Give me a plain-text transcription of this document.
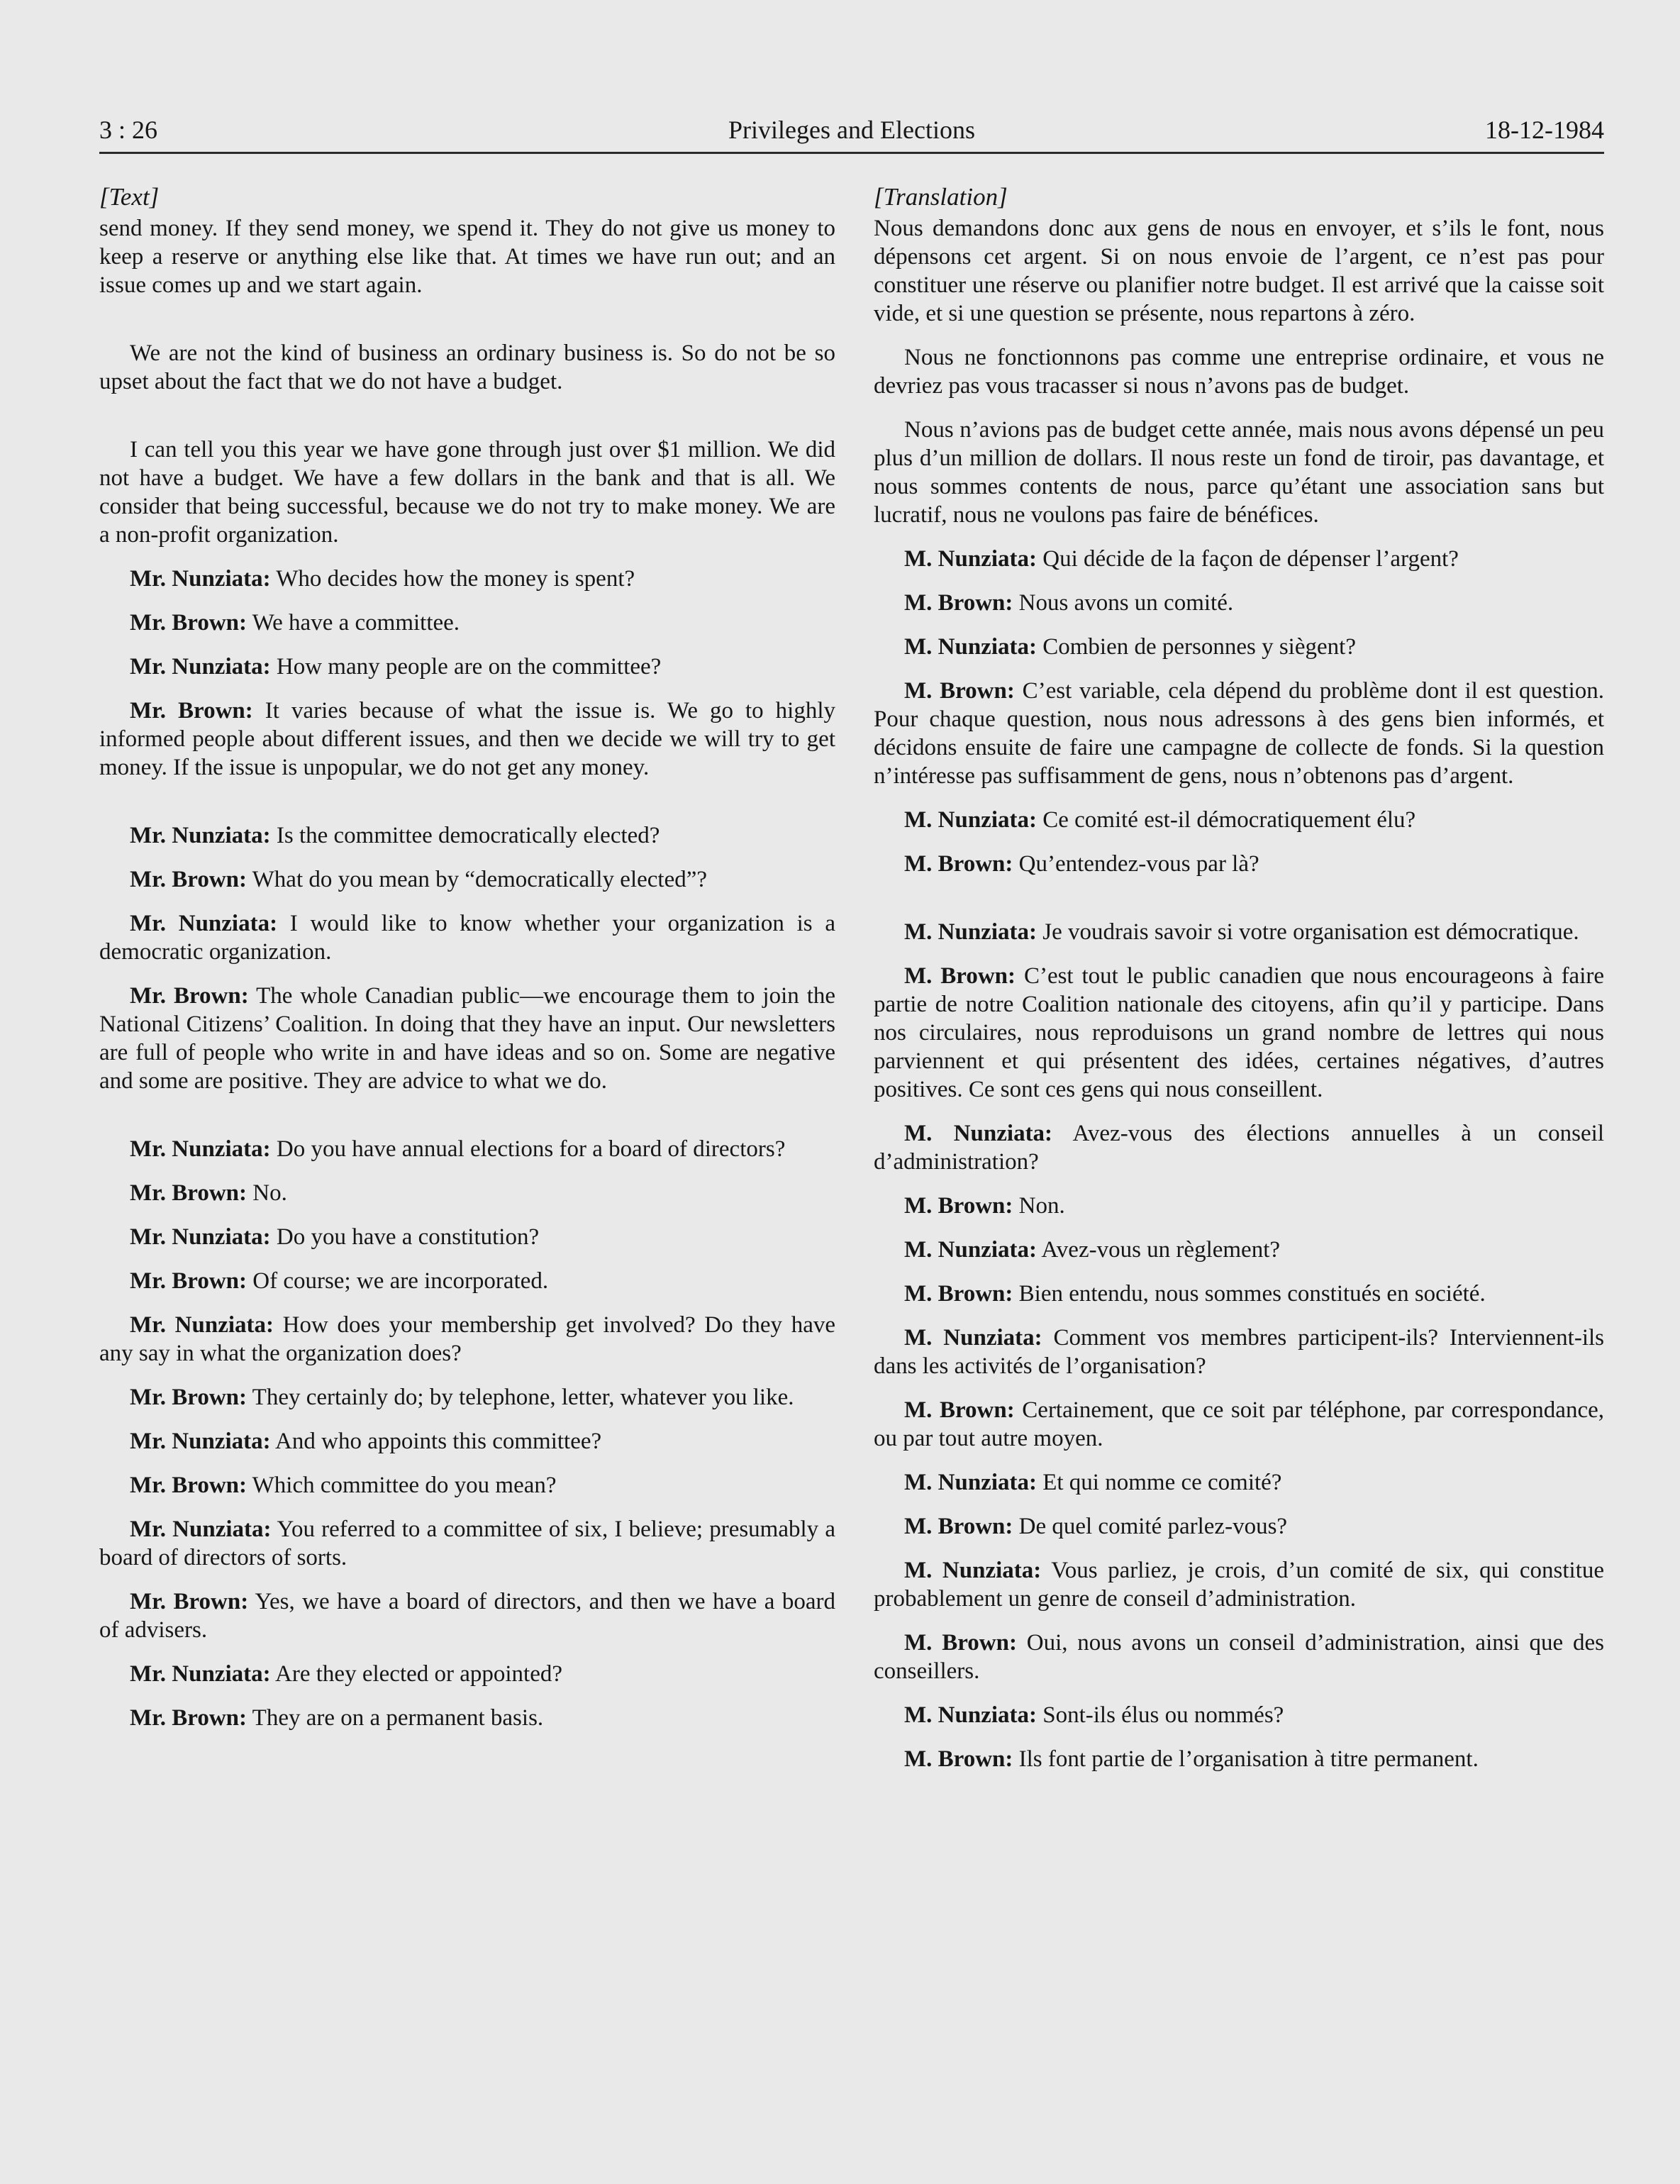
3 : 26	Privileges and Elections	18-12-1984
[Text]

send money. If they send money, we spend it. They do not give us money to keep a reserve or anything else like that. At times we have run out; and an issue comes up and we start again.

We are not the kind of business an ordinary business is. So do not be so upset about the fact that we do not have a budget.

I can tell you this year we have gone through just over $1 million. We did not have a budget. We have a few dollars in the bank and that is all. We consider that being successful, because we do not try to make money. We are a non-profit organization.

Mr. Nunziata: Who decides how the money is spent?

Mr. Brown: We have a committee.

Mr. Nunziata: How many people are on the committee?

Mr. Brown: It varies because of what the issue is. We go to highly informed people about different issues, and then we decide we will try to get money. If the issue is unpopular, we do not get any money.

Mr. Nunziata: Is the committee democratically elected?

Mr. Brown: What do you mean by “democratically elected”?

Mr. Nunziata: I would like to know whether your organization is a democratic organization.

Mr. Brown: The whole Canadian public—we encourage them to join the National Citizens’ Coalition. In doing that they have an input. Our newsletters are full of people who write in and have ideas and so on. Some are negative and some are positive. They are advice to what we do.

Mr. Nunziata: Do you have annual elections for a board of directors?

Mr. Brown: No.

Mr. Nunziata: Do you have a constitution?

Mr. Brown: Of course; we are incorporated.

Mr. Nunziata: How does your membership get involved? Do they have any say in what the organization does?

Mr. Brown: They certainly do; by telephone, letter, whatever you like.

Mr. Nunziata: And who appoints this committee?

Mr. Brown: Which committee do you mean?

Mr. Nunziata: You referred to a committee of six, I believe; presumably a board of directors of sorts.

Mr. Brown: Yes, we have a board of directors, and then we have a board of advisers.

Mr. Nunziata: Are they elected or appointed?

Mr. Brown: They are on a permanent basis.

[Translation]

Nous demandons donc aux gens de nous en envoyer, et s’ils le font, nous dépensons cet argent. Si on nous envoie de l’argent, ce n’est pas pour constituer une réserve ou planifier notre budget. Il est arrivé que la caisse soit vide, et si une question se présente, nous repartons à zéro.

Nous ne fonctionnons pas comme une entreprise ordinaire, et vous ne devriez pas vous tracasser si nous n’avons pas de budget.

Nous n’avions pas de budget cette année, mais nous avons dépensé un peu plus d’un million de dollars. Il nous reste un fond de tiroir, pas davantage, et nous sommes contents de nous, parce qu’étant une association sans but lucratif, nous ne voulons pas faire de bénéfices.

M. Nunziata: Qui décide de la façon de dépenser l’argent?

M. Brown: Nous avons un comité.

M. Nunziata: Combien de personnes y siègent?

M. Brown: C’est variable, cela dépend du problème dont il est question. Pour chaque question, nous nous adressons à des gens bien informés, et décidons ensuite de faire une campagne de collecte de fonds. Si la question n’intéresse pas suffisamment de gens, nous n’obtenons pas d’argent.

M. Nunziata: Ce comité est-il démocratiquement élu?

M. Brown: Qu’entendez-vous par là?

M. Nunziata: Je voudrais savoir si votre organisation est démocratique.

M. Brown: C’est tout le public canadien que nous encourageons à faire partie de notre Coalition nationale des citoyens, afin qu’il y participe. Dans nos circulaires, nous reproduisons un grand nombre de lettres qui nous parviennent et qui présentent des idées, certaines négatives, d’autres positives. Ce sont ces gens qui nous conseillent.

M. Nunziata: Avez-vous des élections annuelles à un conseil d’administration?

M. Brown: Non.

M. Nunziata: Avez-vous un règlement?

M. Brown: Bien entendu, nous sommes constitués en société.

M. Nunziata: Comment vos membres participent-ils? Interviennent-ils dans les activités de l’organisation?

M. Brown: Certainement, que ce soit par téléphone, par correspondance, ou par tout autre moyen.

M. Nunziata: Et qui nomme ce comité?

M. Brown: De quel comité parlez-vous?

M. Nunziata: Vous parliez, je crois, d’un comité de six, qui constitue probablement un genre de conseil d’administration.

M. Brown: Oui, nous avons un conseil d’administration, ainsi que des conseillers.

M. Nunziata: Sont-ils élus ou nommés?

M. Brown: Ils font partie de l’organisation à titre permanent.
